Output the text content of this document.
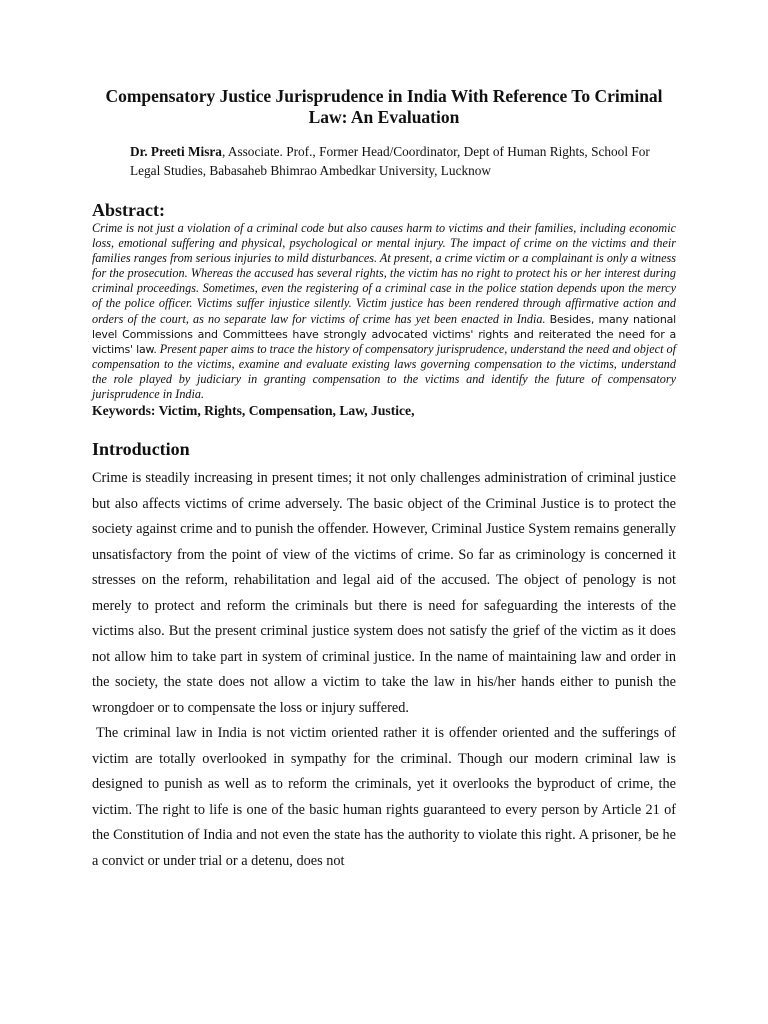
Compensatory Justice Jurisprudence in India With Reference To Criminal Law: An Evaluation
Dr. Preeti Misra, Associate. Prof., Former Head/Coordinator, Dept of Human Rights, School For Legal Studies, Babasaheb Bhimrao Ambedkar University, Lucknow
Abstract:

Crime is not just a violation of a criminal code but also causes harm to victims and their families, including economic loss, emotional suffering and physical, psychological or mental injury. The impact of crime on the victims and their families ranges from serious injuries to mild disturbances. At present, a crime victim or a complainant is only a witness for the prosecution. Whereas the accused has several rights, the victim has no right to protect his or her interest during criminal proceedings. Sometimes, even the registering of a criminal case in the police station depends upon the mercy of the police officer. Victims suffer injustice silently. Victim justice has been rendered through affirmative action and orders of the court, as no separate law for victims of crime has yet been enacted in India. Besides, many national level Commissions and Committees have strongly advocated victims' rights and reiterated the need for a victims' law. Present paper aims to trace the history of compensatory jurisprudence, understand the need and object of compensation to the victims, examine and evaluate existing laws governing compensation to the victims, understand the role played by judiciary in granting compensation to the victims and identify the future of compensatory jurisprudence in India.

Keywords: Victim, Rights, Compensation, Law, Justice,
Introduction

Crime is steadily increasing in present times; it not only challenges administration of criminal justice but also affects victims of crime adversely. The basic object of the Criminal Justice is to protect the society against crime and to punish the offender. However, Criminal Justice System remains generally unsatisfactory from the point of view of the victims of crime. So far as criminology is concerned it stresses on the reform, rehabilitation and legal aid of the accused. The object of penology is not merely to protect and reform the criminals but there is need for safeguarding the interests of the victims also. But the present criminal justice system does not satisfy the grief of the victim as it does not allow him to take part in system of criminal justice. In the name of maintaining law and order in the society, the state does not allow a victim to take the law in his/her hands either to punish the wrongdoer or to compensate the loss or injury suffered.

The criminal law in India is not victim oriented rather it is offender oriented and the sufferings of victim are totally overlooked in sympathy for the criminal. Though our modern criminal law is designed to punish as well as to reform the criminals, yet it overlooks the byproduct of crime, the victim. The right to life is one of the basic human rights guaranteed to every person by Article 21 of the Constitution of India and not even the state has the authority to violate this right. A prisoner, be he a convict or under trial or a detenu, does not
